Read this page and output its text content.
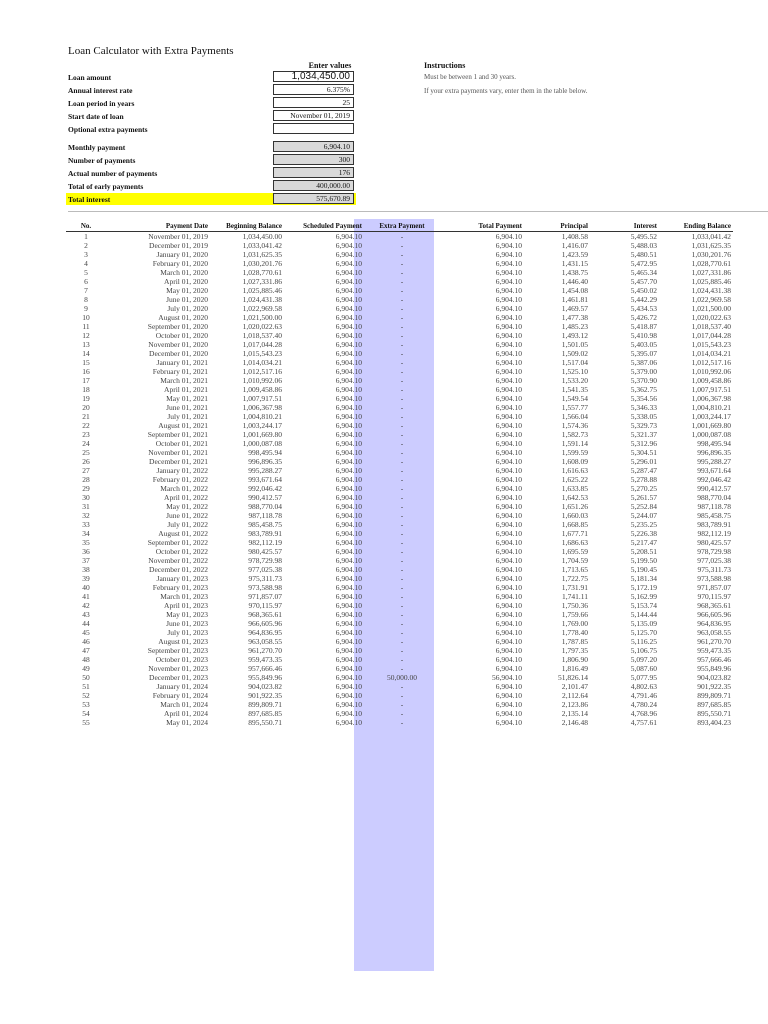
Loan Calculator with Extra Payments
Enter values	Instructions
Must be between 1 and 30 years.
If your extra payments vary, enter them in the table below.
Loan amount	1,034,450.00
Annual interest rate	6.375%
Loan period in years	25
Start date of loan	November 01, 2019
Optional extra payments
Monthly payment	6,904.10
Number of payments	300
Actual number of payments	176
Total of early payments	400,000.00
Total interest	575,670.89
No.	Payment Date	Beginning Balance	Scheduled Payment	Extra Payment	Total Payment	Principal	Interest	Ending Balance
1	November 01, 2019	1,034,450.00	6,904.10	-	6,904.10	1,408.58	5,495.52	1,033,041.42
2	December 01, 2019	1,033,041.42	6,904.10	-	6,904.10	1,416.07	5,488.03	1,031,625.35
3	January 01, 2020	1,031,625.35	6,904.10	-	6,904.10	1,423.59	5,480.51	1,030,201.76
4	February 01, 2020	1,030,201.76	6,904.10	-	6,904.10	1,431.15	5,472.95	1,028,770.61
5	March 01, 2020	1,028,770.61	6,904.10	-	6,904.10	1,438.75	5,465.34	1,027,331.86
6	April 01, 2020	1,027,331.86	6,904.10	-	6,904.10	1,446.40	5,457.70	1,025,885.46
7	May 01, 2020	1,025,885.46	6,904.10	-	6,904.10	1,454.08	5,450.02	1,024,431.38
8	June 01, 2020	1,024,431.38	6,904.10	-	6,904.10	1,461.81	5,442.29	1,022,969.58
9	July 01, 2020	1,022,969.58	6,904.10	-	6,904.10	1,469.57	5,434.53	1,021,500.00
10	August 01, 2020	1,021,500.00	6,904.10	-	6,904.10	1,477.38	5,426.72	1,020,022.63
11	September 01, 2020	1,020,022.63	6,904.10	-	6,904.10	1,485.23	5,418.87	1,018,537.40
12	October 01, 2020	1,018,537.40	6,904.10	-	6,904.10	1,493.12	5,410.98	1,017,044.28
13	November 01, 2020	1,017,044.28	6,904.10	-	6,904.10	1,501.05	5,403.05	1,015,543.23
14	December 01, 2020	1,015,543.23	6,904.10	-	6,904.10	1,509.02	5,395.07	1,014,034.21
15	January 01, 2021	1,014,034.21	6,904.10	-	6,904.10	1,517.04	5,387.06	1,012,517.16
16	February 01, 2021	1,012,517.16	6,904.10	-	6,904.10	1,525.10	5,379.00	1,010,992.06
17	March 01, 2021	1,010,992.06	6,904.10	-	6,904.10	1,533.20	5,370.90	1,009,458.86
18	April 01, 2021	1,009,458.86	6,904.10	-	6,904.10	1,541.35	5,362.75	1,007,917.51
19	May 01, 2021	1,007,917.51	6,904.10	-	6,904.10	1,549.54	5,354.56	1,006,367.98
20	June 01, 2021	1,006,367.98	6,904.10	-	6,904.10	1,557.77	5,346.33	1,004,810.21
21	July 01, 2021	1,004,810.21	6,904.10	-	6,904.10	1,566.04	5,338.05	1,003,244.17
22	August 01, 2021	1,003,244.17	6,904.10	-	6,904.10	1,574.36	5,329.73	1,001,669.80
23	September 01, 2021	1,001,669.80	6,904.10	-	6,904.10	1,582.73	5,321.37	1,000,087.08
24	October 01, 2021	1,000,087.08	6,904.10	-	6,904.10	1,591.14	5,312.96	998,495.94
25	November 01, 2021	998,495.94	6,904.10	-	6,904.10	1,599.59	5,304.51	996,896.35
26	December 01, 2021	996,896.35	6,904.10	-	6,904.10	1,608.09	5,296.01	995,288.27
27	January 01, 2022	995,288.27	6,904.10	-	6,904.10	1,616.63	5,287.47	993,671.64
28	February 01, 2022	993,671.64	6,904.10	-	6,904.10	1,625.22	5,278.88	992,046.42
29	March 01, 2022	992,046.42	6,904.10	-	6,904.10	1,633.85	5,270.25	990,412.57
30	April 01, 2022	990,412.57	6,904.10	-	6,904.10	1,642.53	5,261.57	988,770.04
31	May 01, 2022	988,770.04	6,904.10	-	6,904.10	1,651.26	5,252.84	987,118.78
32	June 01, 2022	987,118.78	6,904.10	-	6,904.10	1,660.03	5,244.07	985,458.75
33	July 01, 2022	985,458.75	6,904.10	-	6,904.10	1,668.85	5,235.25	983,789.91
34	August 01, 2022	983,789.91	6,904.10	-	6,904.10	1,677.71	5,226.38	982,112.19
35	September 01, 2022	982,112.19	6,904.10	-	6,904.10	1,686.63	5,217.47	980,425.57
36	October 01, 2022	980,425.57	6,904.10	-	6,904.10	1,695.59	5,208.51	978,729.98
37	November 01, 2022	978,729.98	6,904.10	-	6,904.10	1,704.59	5,199.50	977,025.38
38	December 01, 2022	977,025.38	6,904.10	-	6,904.10	1,713.65	5,190.45	975,311.73
39	January 01, 2023	975,311.73	6,904.10	-	6,904.10	1,722.75	5,181.34	973,588.98
40	February 01, 2023	973,588.98	6,904.10	-	6,904.10	1,731.91	5,172.19	971,857.07
41	March 01, 2023	971,857.07	6,904.10	-	6,904.10	1,741.11	5,162.99	970,115.97
42	April 01, 2023	970,115.97	6,904.10	-	6,904.10	1,750.36	5,153.74	968,365.61
43	May 01, 2023	968,365.61	6,904.10	-	6,904.10	1,759.66	5,144.44	966,605.96
44	June 01, 2023	966,605.96	6,904.10	-	6,904.10	1,769.00	5,135.09	964,836.95
45	July 01, 2023	964,836.95	6,904.10	-	6,904.10	1,778.40	5,125.70	963,058.55
46	August 01, 2023	963,058.55	6,904.10	-	6,904.10	1,787.85	5,116.25	961,270.70
47	September 01, 2023	961,270.70	6,904.10	-	6,904.10	1,797.35	5,106.75	959,473.35
48	October 01, 2023	959,473.35	6,904.10	-	6,904.10	1,806.90	5,097.20	957,666.46
49	November 01, 2023	957,666.46	6,904.10	-	6,904.10	1,816.49	5,087.60	955,849.96
50	December 01, 2023	955,849.96	6,904.10	50,000.00	56,904.10	51,826.14	5,077.95	904,023.82
51	January 01, 2024	904,023.82	6,904.10	-	6,904.10	2,101.47	4,802.63	901,922.35
52	February 01, 2024	901,922.35	6,904.10	-	6,904.10	2,112.64	4,791.46	899,809.71
53	March 01, 2024	899,809.71	6,904.10	-	6,904.10	2,123.86	4,780.24	897,685.85
54	April 01, 2024	897,685.85	6,904.10	-	6,904.10	2,135.14	4,768.96	895,550.71
55	May 01, 2024	895,550.71	6,904.10	-	6,904.10	2,146.48	4,757.61	893,404.23
